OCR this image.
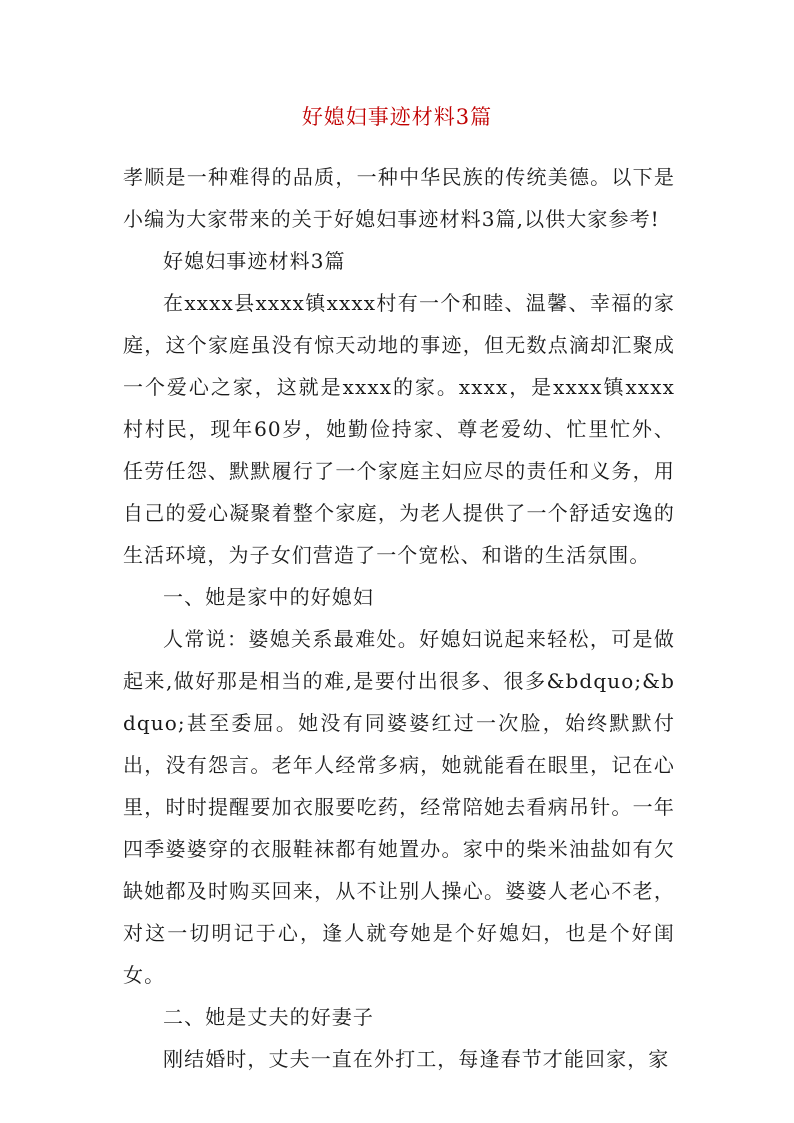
好媳妇事迹材料3篇

孝顺是一种难得的品质，一种中华民族的传统美德。以下是小编为大家带来的关于好媳妇事迹材料3篇,以供大家参考!

好媳妇事迹材料3篇

在xxxx县xxxx镇xxxx村有一个和睦、温馨、幸福的家庭，这个家庭虽没有惊天动地的事迹，但无数点滴却汇聚成一个爱心之家，这就是xxxx的家。xxxx，是xxxx镇xxxx村村民，现年60岁，她勤俭持家、尊老爱幼、忙里忙外、任劳任怨、默默履行了一个家庭主妇应尽的责任和义务，用自己的爱心凝聚着整个家庭，为老人提供了一个舒适安逸的生活环境，为子女们营造了一个宽松、和谐的生活氛围。

一、她是家中的好媳妇

人常说：婆媳关系最难处。好媳妇说起来轻松，可是做起来,做好那是相当的难,是要付出很多、很多&bdquo;&bdquo;甚至委屈。她没有同婆婆红过一次脸，始终默默付出，没有怨言。老年人经常多病，她就能看在眼里，记在心里，时时提醒要加衣服要吃药，经常陪她去看病吊针。一年四季婆婆穿的衣服鞋袜都有她置办。家中的柴米油盐如有欠缺她都及时购买回来，从不让别人操心。婆婆人老心不老，对这一切明记于心，逢人就夸她是个好媳妇，也是个好闺女。

二、她是丈夫的好妻子

刚结婚时，丈夫一直在外打工，每逢春节才能回家，家
